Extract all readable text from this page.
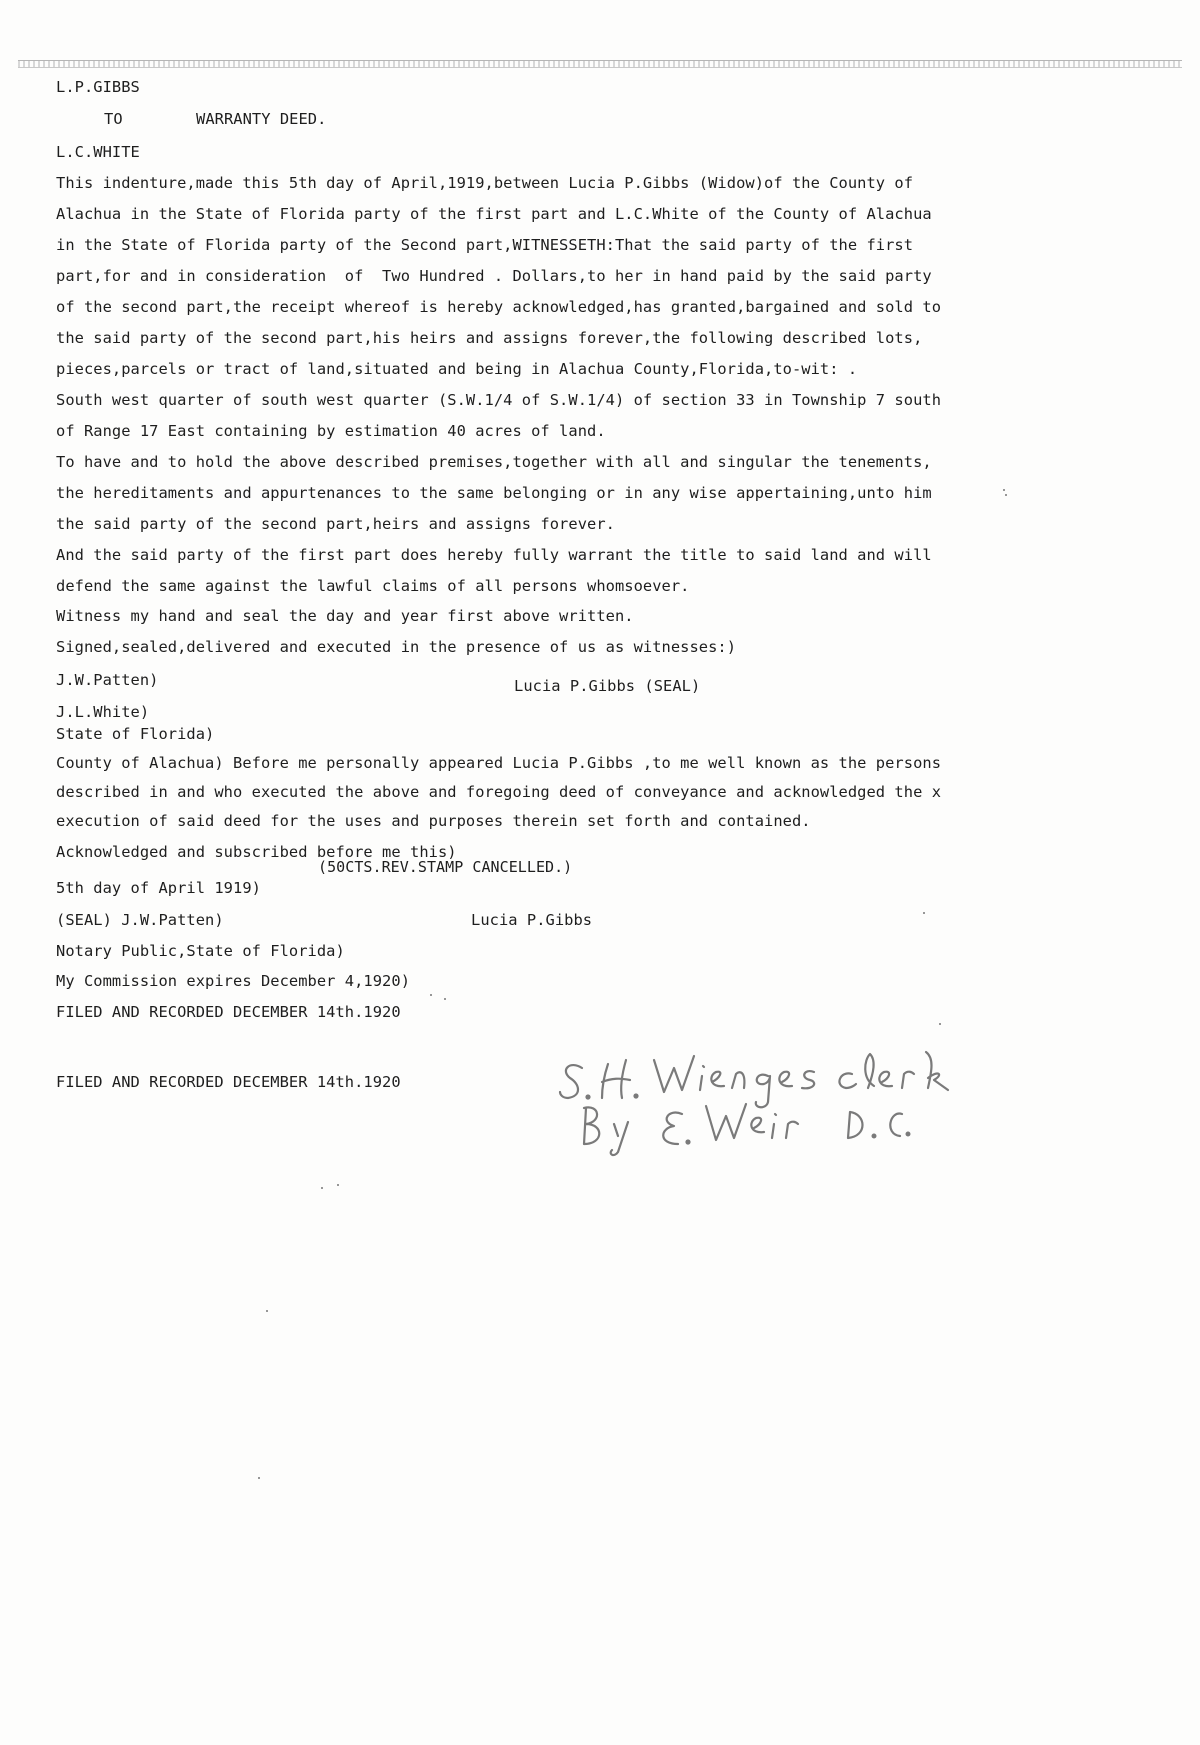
L.P.GIBBS
TO	WARRANTY DEED.
L.C.WHITE
This indenture,made this 5th day of April,1919,between Lucia P.Gibbs (Widow)of the County of
Alachua in the State of Florida party of the first part and L.C.White of the County of Alachua
in the State of Florida party of the Second part,WITNESSETH:That the said party of the first
part,for and in consideration  of  Two Hundred . Dollars,to her in hand paid by the said party
of the second part,the receipt whereof is hereby acknowledged,has granted,bargained and sold to
the said party of the second part,his heirs and assigns forever,the following described lots,
pieces,parcels or tract of land,situated and being in Alachua County,Florida,to-wit: .
South west quarter of south west quarter (S.W.1/4 of S.W.1/4) of section 33 in Township 7 south
of Range 17 East containing by estimation 40 acres of land.
To have and to hold the above described premises,together with all and singular the tenements,
the hereditaments and appurtenances to the same belonging or in any wise appertaining,unto him
the said party of the second part,heirs and assigns forever.
And the said party of the first part does hereby fully warrant the title to said land and will
defend the same against the lawful claims of all persons whomsoever.
Witness my hand and seal the day and year first above written.
Signed,sealed,delivered and executed in the presence of us as witnesses:)
J.W.Patten)	Lucia P.Gibbs (SEAL)
J.L.White)
State of Florida)
County of Alachua) Before me personally appeared Lucia P.Gibbs ,to me well known as the persons
described in and who executed the above and foregoing deed of conveyance and acknowledged the x
execution of said deed for the uses and purposes therein set forth and contained.
Notary Public,State of Florida)
Acknowledged and subscribed before me this)
(50CTS.REV.STAMP CANCELLED.)
5th day of April 1919)
(SEAL) J.W.Patten)	Lucia P.Gibbs
FILED AND RECORDED DECEMBER 14th.1920
My Commission expires December 4,1920)
FILED AND RECORDED DECEMBER 14th.1920
